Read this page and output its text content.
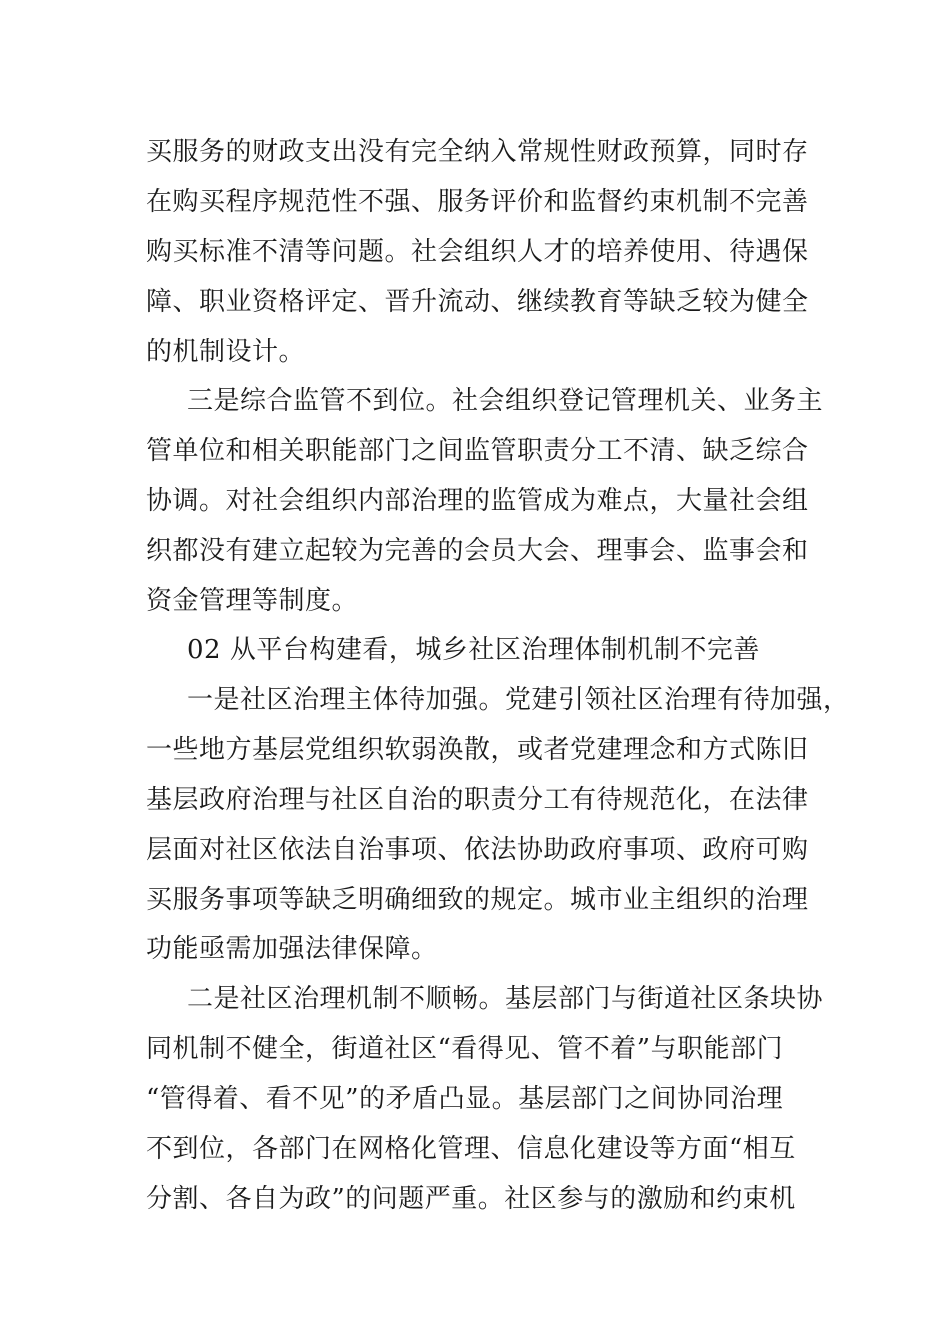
买服务的财政支出没有完全纳入常规性财政预算，同时存

在购买程序规范性不强、服务评价和监督约束机制不完善

购买标准不清等问题。社会组织人才的培养使用、待遇保

障、职业资格评定、晋升流动、继续教育等缺乏较为健全

的机制设计。

三是综合监管不到位。社会组织登记管理机关、业务主

管单位和相关职能部门之间监管职责分工不清、缺乏综合

协调。对社会组织内部治理的监管成为难点，大量社会组

织都没有建立起较为完善的会员大会、理事会、监事会和

资金管理等制度。

02 从平台构建看，城乡社区治理体制机制不完善

一是社区治理主体待加强。党建引领社区治理有待加强，

一些地方基层党组织软弱涣散，或者党建理念和方式陈旧

基层政府治理与社区自治的职责分工有待规范化，在法律

层面对社区依法自治事项、依法协助政府事项、政府可购

买服务事项等缺乏明确细致的规定。城市业主组织的治理

功能亟需加强法律保障。

二是社区治理机制不顺畅。基层部门与街道社区条块协

同机制不健全，街道社区“看得见、管不着”与职能部门

“管得着、看不见”的矛盾凸显。基层部门之间协同治理

不到位，各部门在网格化管理、信息化建设等方面“相互

分割、各自为政”的问题严重。社区参与的激励和约束机
